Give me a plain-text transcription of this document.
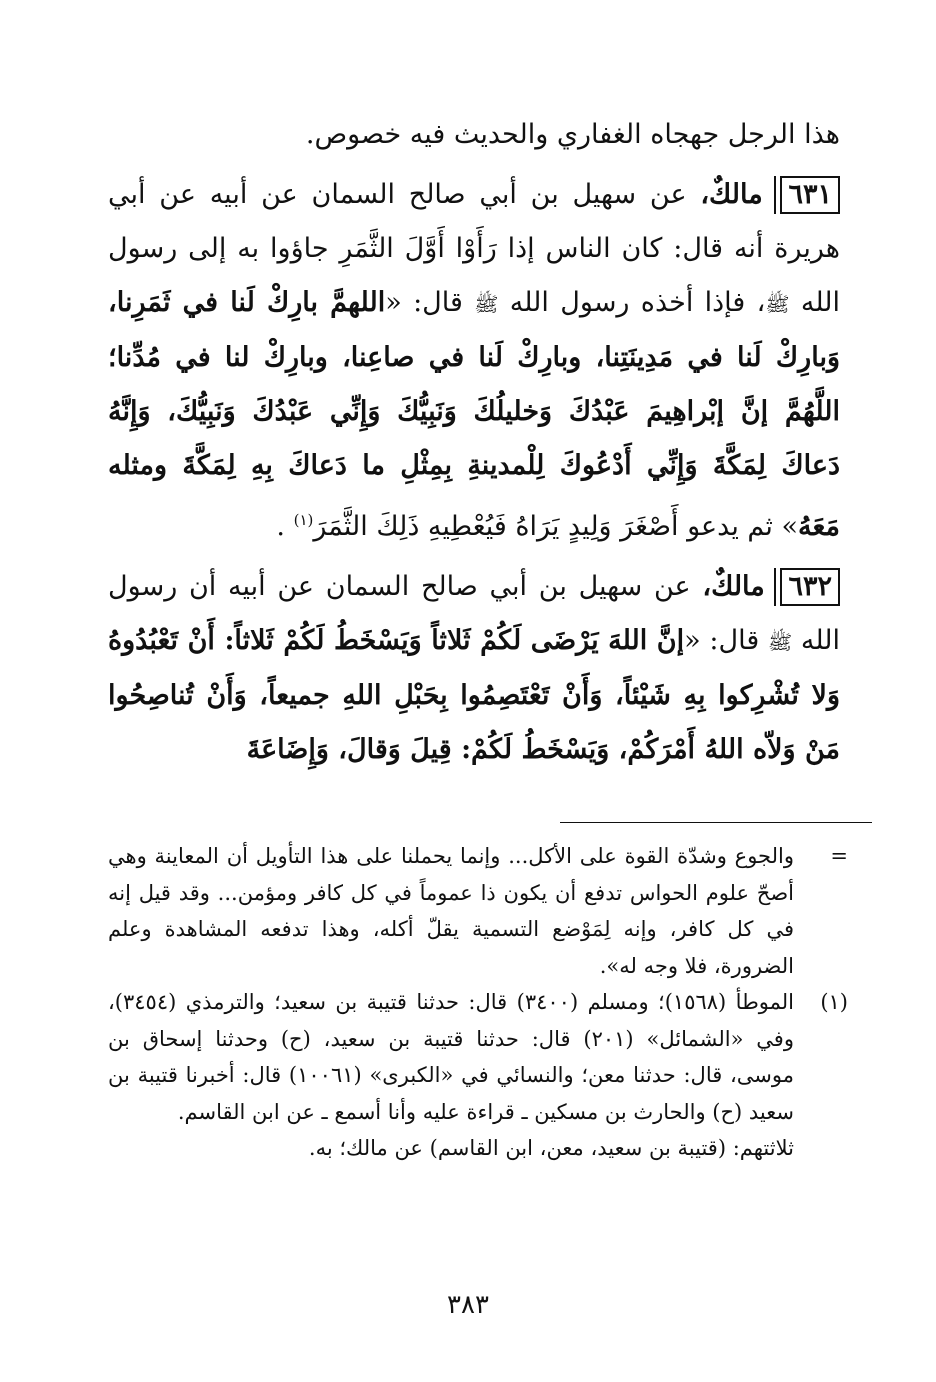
هذا الرجل جهجاه الغفاري والحديث فيه خصوص.

٦٣١ مالكٌ، عن سهيل بن أبي صالح السمان عن أبيه عن أبي هريرة أنه قال: كان الناس إذا رَأَوْا أَوَّلَ الثَّمَرِ جاؤوا به إلى رسول الله ﷺ، فإذا أخذه رسول الله ﷺ قال: «اللهمَّ بارِكْ لَنا في ثَمَرِنا، وَبارِكْ لَنا في مَدِينَتِنا، وبارِكْ لَنا في صاعِنا، وبارِكْ لنا في مُدِّنا؛ اللَّهُمَّ إنَّ إبْراهِيمَ عَبْدُكَ وَخليلُكَ وَنَبِيُّكَ وَإِنِّي عَبْدُكَ وَنَبِيُّكَ، وَإِنَّهُ دَعاكَ لِمَكَّةَ وَإِنِّي أَدْعُوكَ لِلْمدينةِ بِمِثْلِ ما دَعاكَ بِهِ لِمَكَّةَ ومثله مَعَهُ» ثم يدعو أَصْغَرَ وَلِيدٍ يَرَاهُ فَيُعْطِيهِ ذَلِكَ الثَّمَرَ$^{(١)}$ .

٦٣٢ مالكٌ، عن سهيل بن أبي صالح السمان عن أبيه أن رسول الله ﷺ قال: «إنَّ اللهَ يَرْضَى لَكُمْ ثَلاثاً وَيَسْخَطُ لَكُمْ ثَلاثاً: أَنْ تَعْبُدُوهُ وَلا تُشْرِكوا بِهِ شَيْئاً، وَأَنْ تَعْتَصِمُوا بِحَبْلِ اللهِ جميعاً، وَأَنْ تُناصِحُوا مَنْ وَلاّه اللهُ أَمْرَكُمْ، وَيَسْخَطُ لَكُمْ: قِيلَ وَقالَ، وَإِضَاعَةَ

=
والجوع وشدّة القوة على الأكل... وإنما يحملنا على هذا التأويل أن المعاينة وهي أصحّ علوم الحواس تدفع أن يكون ذا عموماً في كل كافر ومؤمن... وقد قيل إنه في كل كافر، وإنه لِمَوْضع التسمية يقلّ أكله، وهذا تدفعه المشاهدة وعلم الضرورة، فلا وجه له».

(١)
الموطأ (١٥٦٨)؛ ومسلم (٣٤٠٠) قال: حدثنا قتيبة بن سعيد؛ والترمذي (٣٤٥٤)، وفي «الشمائل» (٢٠١) قال: حدثنا قتيبة بن سعيد، (ح) وحدثنا إسحاق بن موسى، قال: حدثنا معن؛ والنسائي في «الكبرى» (١٠٠٦١) قال: أخبرنا قتيبة بن سعيد (ح) والحارث بن مسكين ـ قراءة عليه وأنا أسمع ـ عن ابن القاسم.

ثلاثتهم: (قتيبة بن سعيد، معن، ابن القاسم) عن مالك؛ به.

٣٨٣
